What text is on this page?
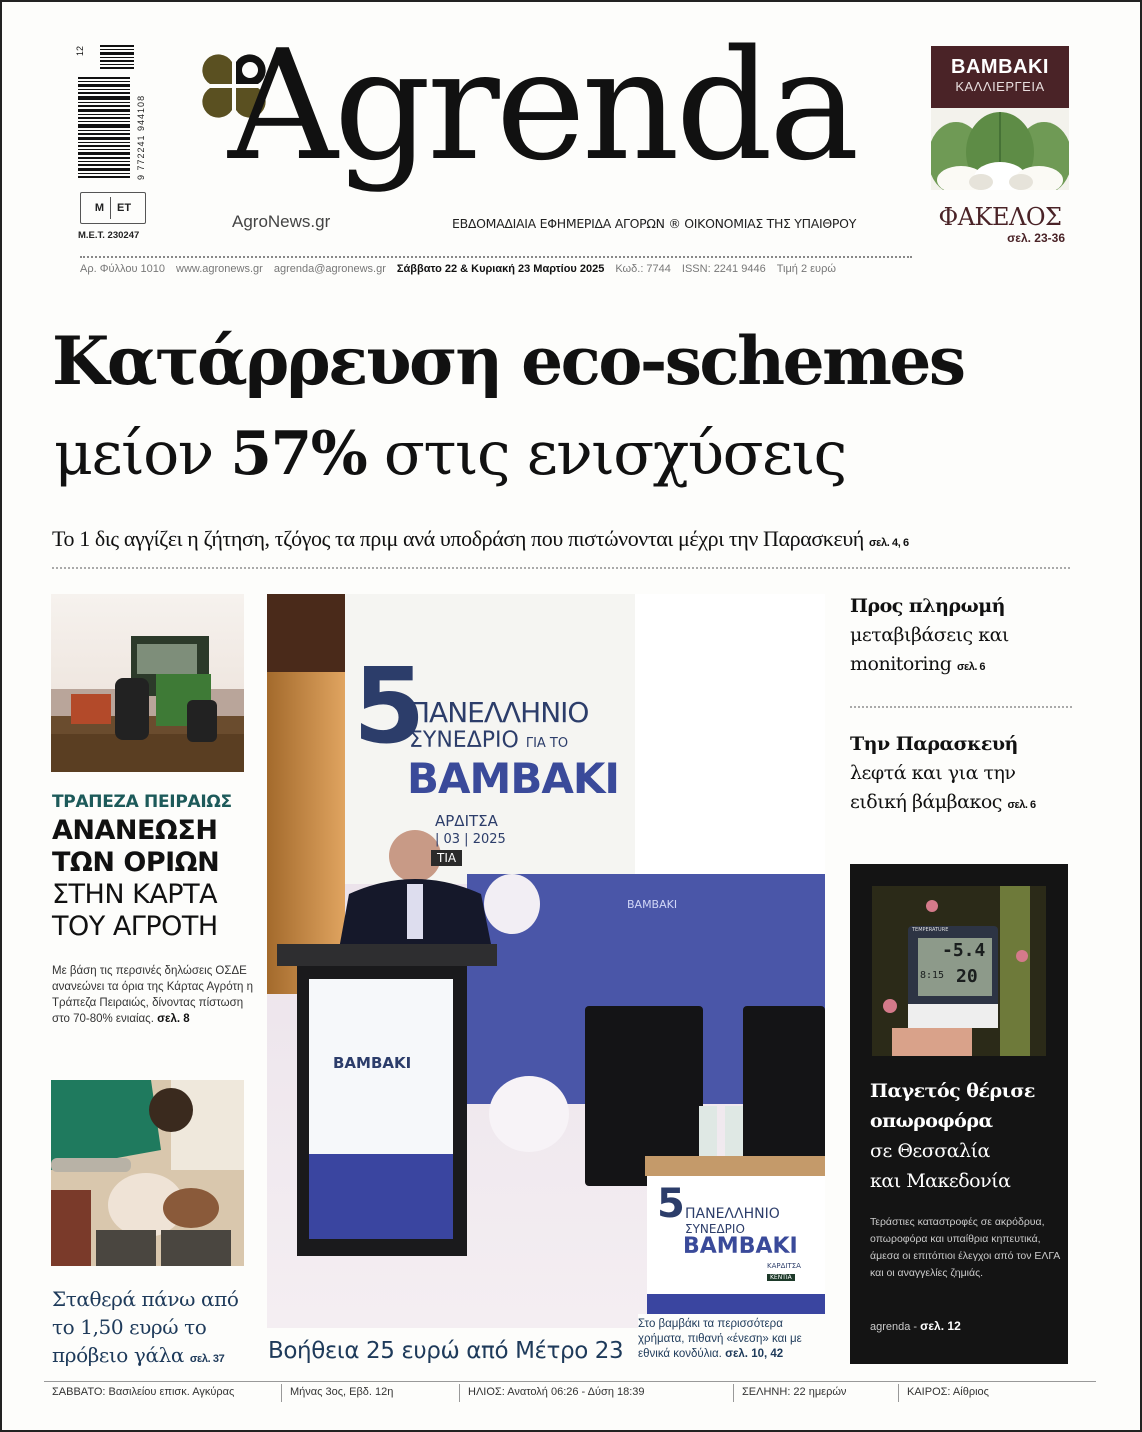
12
9 772241 944108
M ET
M.E.T. 230247
Agrenda
AgroNews.gr	ΕΒΔΟΜΑΔΙΑΙΑ ΕΦΗΜΕΡΙΔΑ ΑΓΟΡΩΝ ® ΟΙΚΟΝΟΜΙΑΣ ΤΗΣ ΥΠΑΙΘΡΟΥ
Αρ. Φύλλου 1010 www.agronews.gr agrenda@agronews.gr Σάββατο 22 & Κυριακή 23 Μαρτίου 2025 Κωδ.: 7744 ISSN: 2241 9446 Τιμή 2 ευρώ
ΒΑΜΒΑΚΙ
ΚΑΛΛΙΕΡΓΕΙΑ
ΦΑΚΕΛΟΣ
σελ. 23-36
Κατάρρευση eco-schemes
μείον 57% στις ενισχύσεις
Το 1 δις αγγίζει η ζήτηση, τζόγος τα πριμ ανά υποδράση που πιστώνονται μέχρι την Παρασκευή σελ. 4, 6
ΤΡΑΠΕΖΑ ΠΕΙΡΑΙΩΣ
ΑΝΑΝΕΩΣΗ
ΤΩΝ ΟΡΙΩΝ
ΣΤΗΝ ΚΑΡΤΑ
ΤΟΥ ΑΓΡΟΤΗ
Με βάση τις περσινές δηλώσεις ΟΣΔΕ ανανεώνει τα όρια της Κάρτας Αγρότη η Τράπεζα Πειραιώς, δίνοντας πίστωση στο 70-80% ενιαίας. σελ. 8
Σταθερά πάνω από
το 1,50 ευρώ το
πρόβειο γάλα σελ. 37
5
ΠΑΝΕΛΛΗΝΙΟ
ΣΥΝΕΔΡΙΟ ΓΙΑ ΤΟ
ΒΑΜΒΑΚΙ
ΑΡΔΙΤΣΑ
| 03 | 2025
ΤΙΑ
ΒΑΜΒΑΚΙ
ΒΑΜΒΑΚΙ
5 ΠΑΝΕΛΛΗΝΙΟ
ΣΥΝΕΔΡΙΟ
ΒΑΜΒΑΚΙ
ΚΑΡΔΙΤΣΑ
ΚΕΝΤΙΑ
Βοήθεια 25 ευρώ από Μέτρο 23
Στο βαμβάκι τα περισσότερα χρήματα, πιθανή «ένεση» και με εθνικά κονδύλια. σελ. 10, 42
Προς πληρωμή
μεταβιβάσεις και
monitoring σελ. 6
Την Παρασκευή
λεφτά και για την
ειδική βάμβακος σελ. 6
TEMPERATURE
-5.4
8:15 20
Παγετός θέρισε
οπωροφόρα
σε Θεσσαλία
και Μακεδονία
Τεράστιες καταστροφές σε ακρόδρυα, οπωροφόρα και υπαίθρια κηπευτικά, άμεσα οι επιτόπιοι έλεγχοι από τον ΕΛΓΑ και οι αναγγελίες ζημιάς.
agrenda - σελ. 12
ΣΑΒΒΑΤΟ: Βασιλείου επισκ. Αγκύρας	Μήνας 3ος, Εβδ. 12η	ΗΛΙΟΣ: Ανατολή 06:26 - Δύση 18:39	ΣΕΛΗΝΗ: 22 ημερών	ΚΑΙΡΟΣ: Αίθριος
